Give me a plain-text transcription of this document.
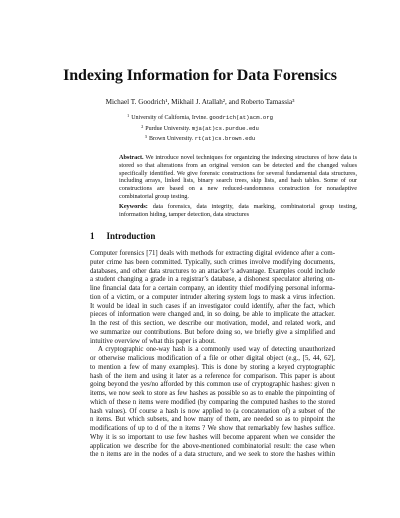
Indexing Information for Data Forensics
Michael T. Goodrich¹, Mikhail J. Atallah², and Roberto Tamassia³
$^1$ University of California, Irvine. goodrich(at)acm.org
$^2$ Purdue University. mja(at)cs.purdue.edu
$^3$ Brown University. rt(at)cs.brown.edu
Abstract. We introduce novel techniques for organizing the indexing structures of how data is stored so that alterations from an original version can be detected and the changed values specifically identified. We give forensic constructions for several fundamental data structures, including arrays, linked lists, binary search trees, skip lists, and hash tables. Some of our constructions are based on a new reduced-randomness construction for nonadaptive combinatorial group testing.
Keywords: data forensics, data integrity, data marking, combinatorial group testing, information hiding, tamper detection, data structures
1 Introduction

Computer forensics [71] deals with methods for extracting digital evidence after a com-
puter crime has been committed. Typically, such crimes involve modifying documents,
databases, and other data structures to an attacker’s advantage. Examples could include
a student changing a grade in a registrar’s database, a dishonest speculator altering on-
line financial data for a certain company, an identity thief modifying personal informa-
tion of a victim, or a computer intruder altering system logs to mask a virus infection.
It would be ideal in such cases if an investigator could identify, after the fact, which
pieces of information were changed and, in so doing, be able to implicate the attacker.
In the rest of this section, we describe our motivation, model, and related work, and
we summarize our contributions. But before doing so, we briefly give a simplified and
intuitive overview of what this paper is about.

A cryptographic one-way hash is a commonly used way of detecting unauthorized
or otherwise malicious modification of a file or other digital object (e.g., [5, 44, 62],
to mention a few of many examples). This is done by storing a keyed cryptographic
hash of the item and using it later as a reference for comparison. This paper is about
going beyond the yes/no afforded by this common use of cryptographic hashes: given n
items, we now seek to store as few hashes as possible so as to enable the pinpointing of
which of these n items were modified (by comparing the computed hashes to the stored
hash values). Of course a hash is now applied to (a concatenation of) a subset of the
n items. But which subsets, and how many of them, are needed so as to pinpoint the
modifications of up to d of the n items ? We show that remarkably few hashes suffice.
Why it is so important to use few hashes will become apparent when we consider the
application we describe for the above-mentioned combinatorial result: the case when
the n items are in the nodes of a data structure, and we seek to store the hashes within
